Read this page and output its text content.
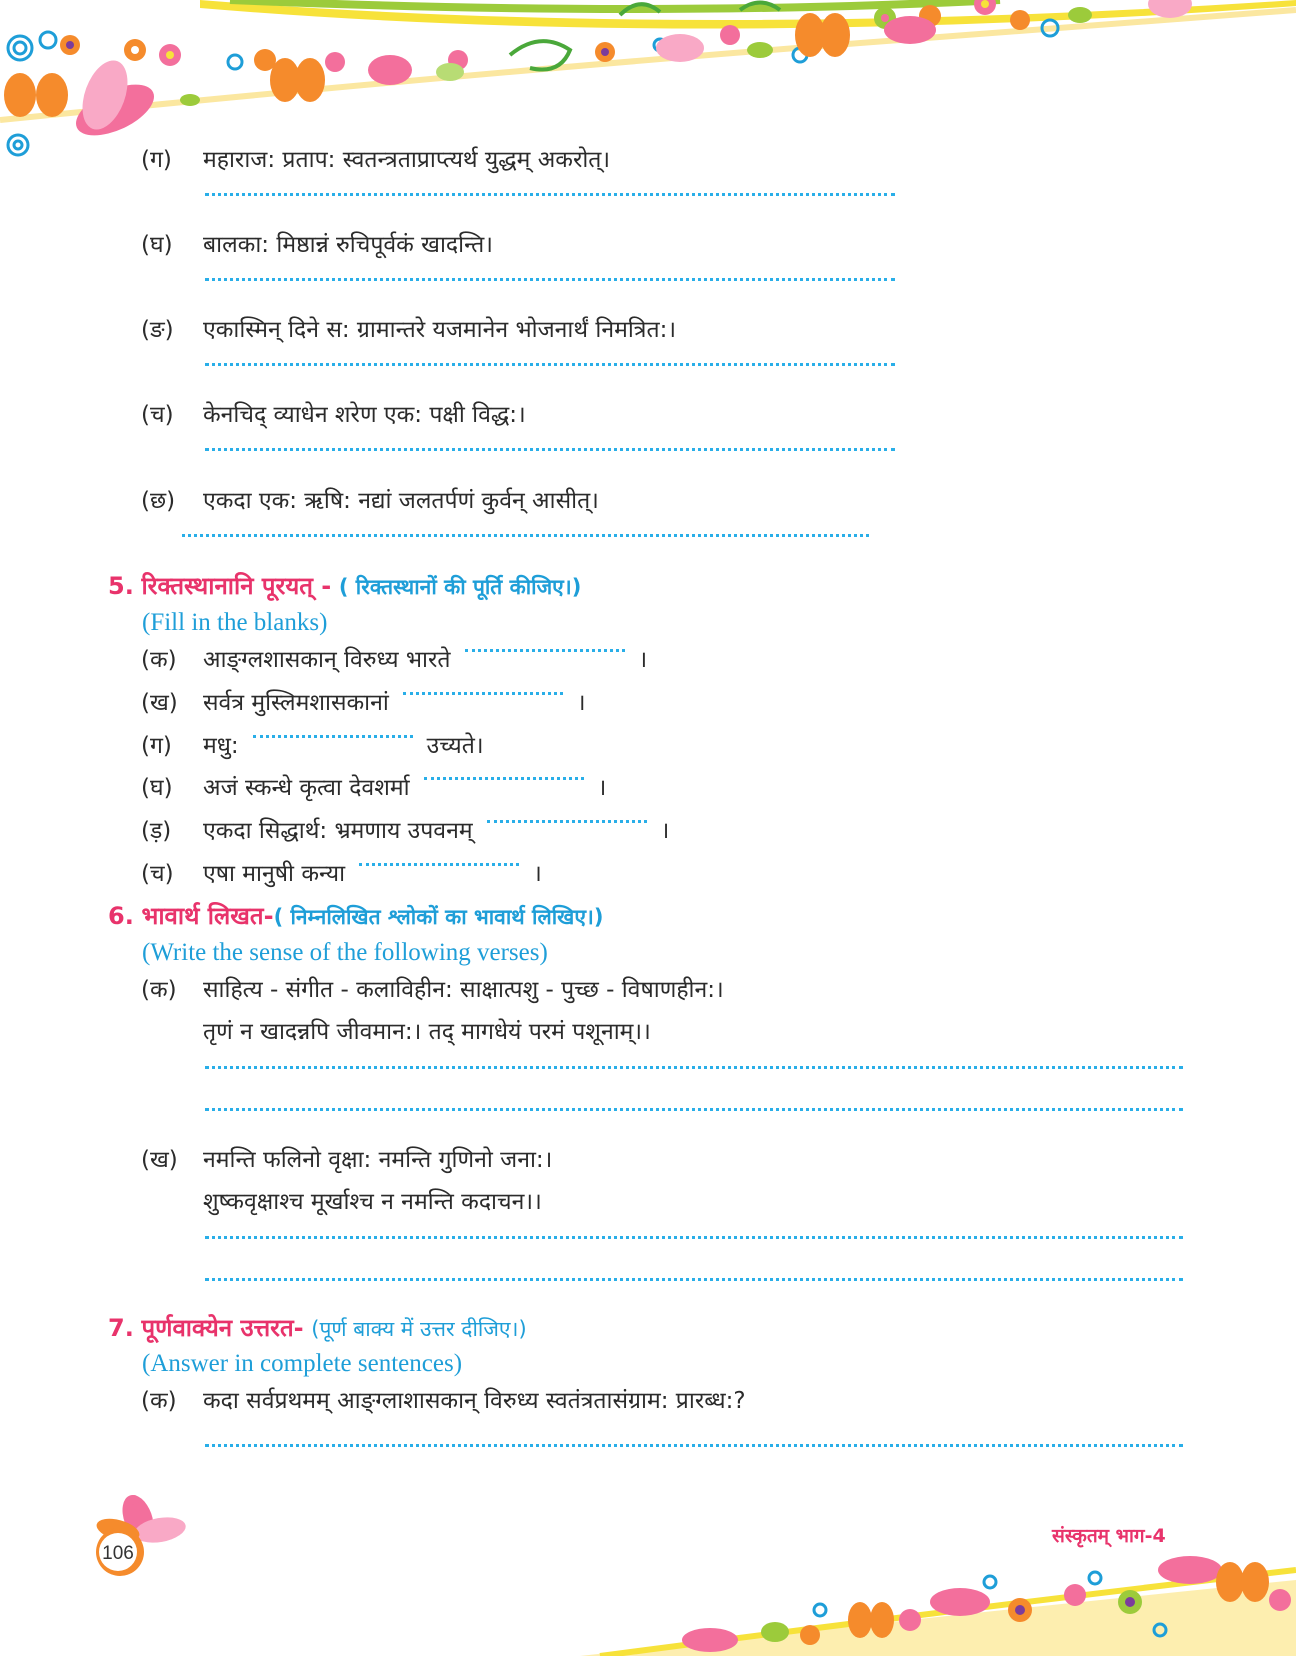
(ग) महाराज: प्रताप: स्वतन्त्रताप्राप्त्यर्थ युद्धम् अकरोत्।
(घ) बालका: मिष्ठान्नं रुचिपूर्वकं खादन्ति।
(ङ) एकास्मिन् दिने स: ग्रामान्तरे यजमानेन भोजनार्थं निमत्रित:।
(च) केनचिद् व्याधेन शरेण एक: पक्षी विद्ध:।
(छ) एकदा एक: ऋषि: नद्यां जलतर्पणं कुर्वन् आसीत्।
5. रिक्तस्थानानि पूरयत् - ( रिक्तस्थानों की पूर्ति कीजिए।)
(Fill in the blanks)
(क) आङ्ग्लशासकान् विरुध्य भारते	।
(ख) सर्वत्र मुस्लिमशासकानां	।
(ग) मधु:	उच्यते।
(घ) अजं स्कन्धे कृत्वा देवशर्मा	।
(ड़) एकदा सिद्धार्थ: भ्रमणाय उपवनम्	।
(च) एषा मानुषी कन्या	।
6. भावार्थ लिखत-( निम्नलिखित श्लोकों का भावार्थ लिखिए।)
(Write the sense of the following verses)
(क) साहित्य - संगीत - कलाविहीन: साक्षात्पशु - पुच्छ - विषाणहीन:।
तृणं न खादन्नपि जीवमान:। तद् मागधेयं परमं पशूनाम्।।
(ख) नमन्ति फलिनो वृक्षा: नमन्ति गुणिनो जना:।
शुष्कवृक्षाश्च मूर्खाश्च न नमन्ति कदाचन।।
7. पूर्णवाक्येन उत्तरत- (पूर्ण बाक्य में उत्तर दीजिए।)
(Answer in complete sentences)
(क) कदा सर्वप्रथमम् आङ्ग्लाशासकान् विरुध्य स्वतंत्रतासंग्राम: प्रारब्ध:?
106
संस्कृतम् भाग-4
